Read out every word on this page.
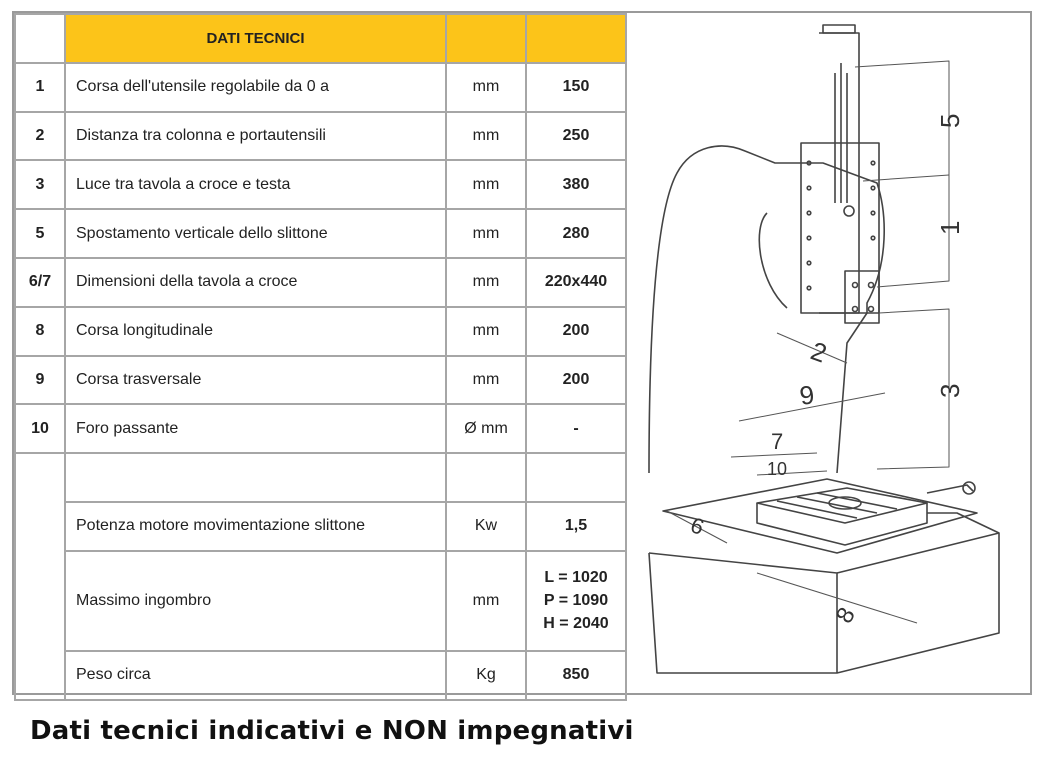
	DATI TECNICI		
1	Corsa dell'utensile regolabile da 0 a	mm	150
2	Distanza tra colonna e portautensili	mm	250
3	Luce tra tavola a croce e testa	mm	380
5	Spostamento verticale dello slittone	mm	280
6/7	Dimensioni della tavola a croce	mm	220x440
8	Corsa longitudinale	mm	200
9	Corsa trasversale	mm	200
10	Foro passante	Ø mm	-

	Potenza motore movimentazione slittone	Kw	1,5
	Massimo ingombro	mm	L = 1020
P = 1090
H = 2040

	Peso circa	Kg	850
5
1
2
3
9
7
10
6
8
Dati tecnici indicativi e NON impegnativi
